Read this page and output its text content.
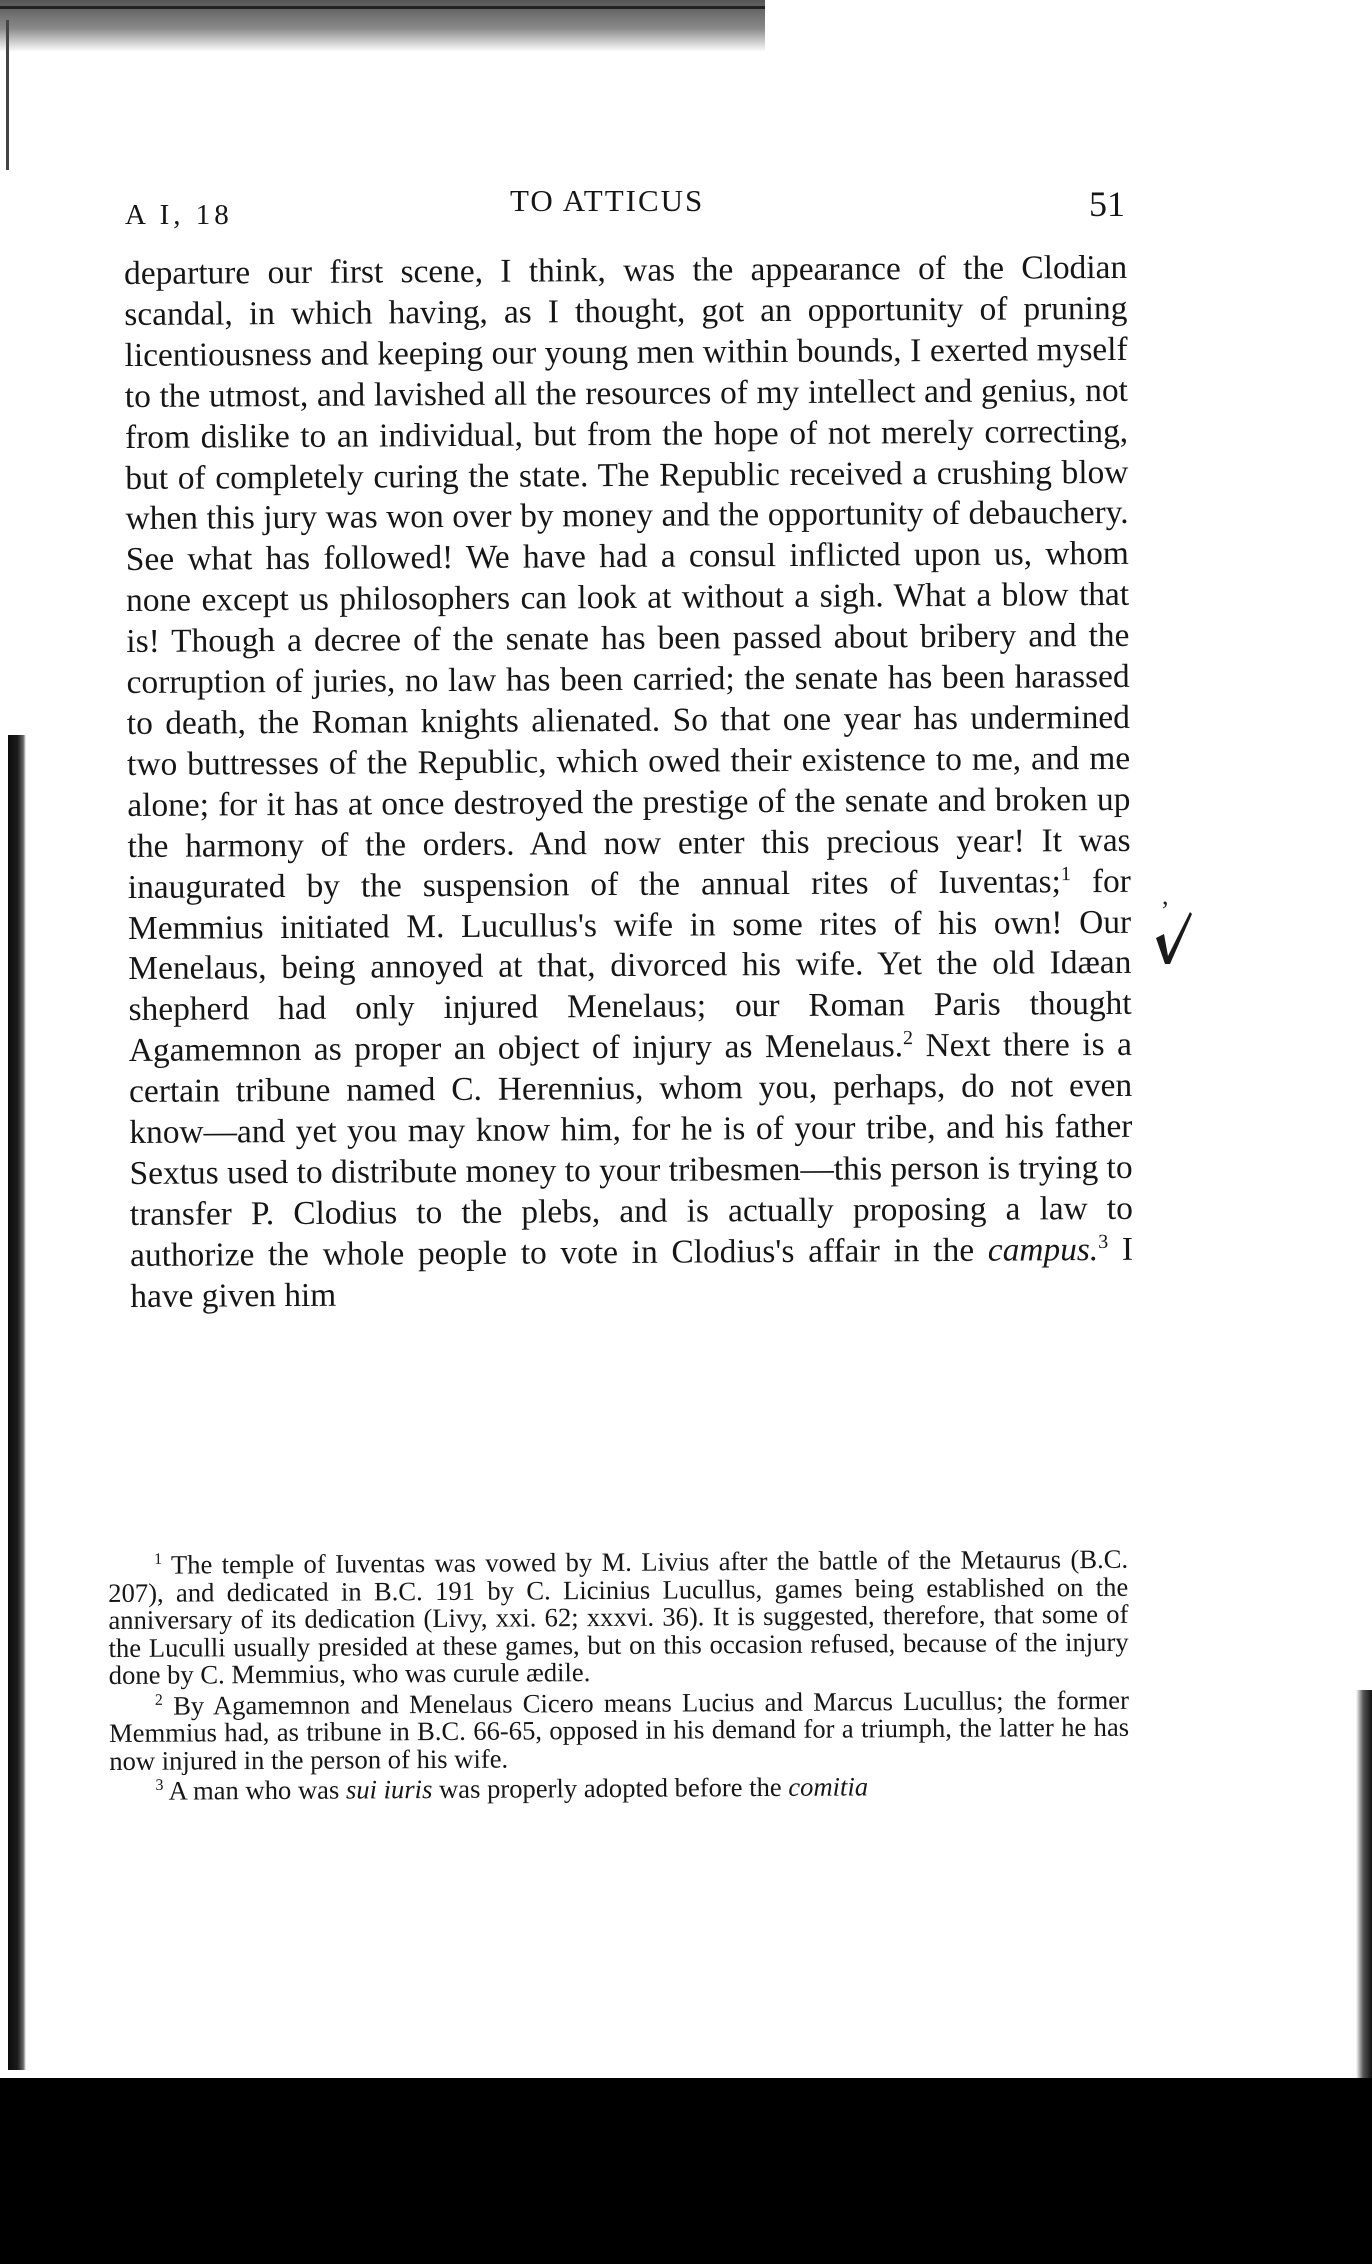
A I, 18	TO ATTICUS	51

departure our first scene, I think, was the appearance of the Clodian scandal, in which having, as I thought, got an opportunity of pruning licentiousness and keeping our young men within bounds, I exerted myself to the utmost, and lavished all the resources of my intellect and genius, not from dislike to an individual, but from the hope of not merely correcting, but of completely curing the state. The Republic received a crushing blow when this jury was won over by money and the opportunity of debauchery. See what has followed! We have had a consul inflicted upon us, whom none except us philosophers can look at without a sigh. What a blow that is! Though a decree of the senate has been passed about bribery and the corruption of juries, no law has been carried; the senate has been harassed to death, the Roman knights alienated. So that one year has undermined two buttresses of the Republic, which owed their existence to me, and me alone; for it has at once destroyed the prestige of the senate and broken up the harmony of the orders. And now enter this precious year! It was inaugurated by the suspension of the annual rites of Iuventas;$^1$ for Memmius initiated M. Lucullus's wife in some rites of his own! Our Menelaus, being annoyed at that, divorced his wife. Yet the old Idæan shepherd had only injured Menelaus; our Roman Paris thought Agamemnon as proper an object of injury as Menelaus.$^2$ Next there is a certain tribune named C. Herennius, whom you, perhaps, do not even know—and yet you may know him, for he is of your tribe, and his father Sextus used to distribute money to your tribesmen—this person is trying to transfer P. Clodius to the plebs, and is actually proposing a law to authorize the whole people to vote in Clodius's affair in the campus.$^3$ I have given him

$^1$ The temple of Iuventas was vowed by M. Livius after the battle of the Metaurus (B.C. 207), and dedicated in B.C. 191 by C. Licinius Lucullus, games being established on the anniversary of its dedication (Livy, xxi. 62; xxxvi. 36). It is suggested, therefore, that some of the Luculli usually presided at these games, but on this occasion refused, because of the injury done by C. Memmius, who was curule ædile.

$^2$ By Agamemnon and Menelaus Cicero means Lucius and Marcus Lucullus; the former Memmius had, as tribune in B.C. 66-65, opposed in his demand for a triumph, the latter he has now injured in the person of his wife.

$^3$ A man who was sui iuris was properly adopted before the comitia

,
